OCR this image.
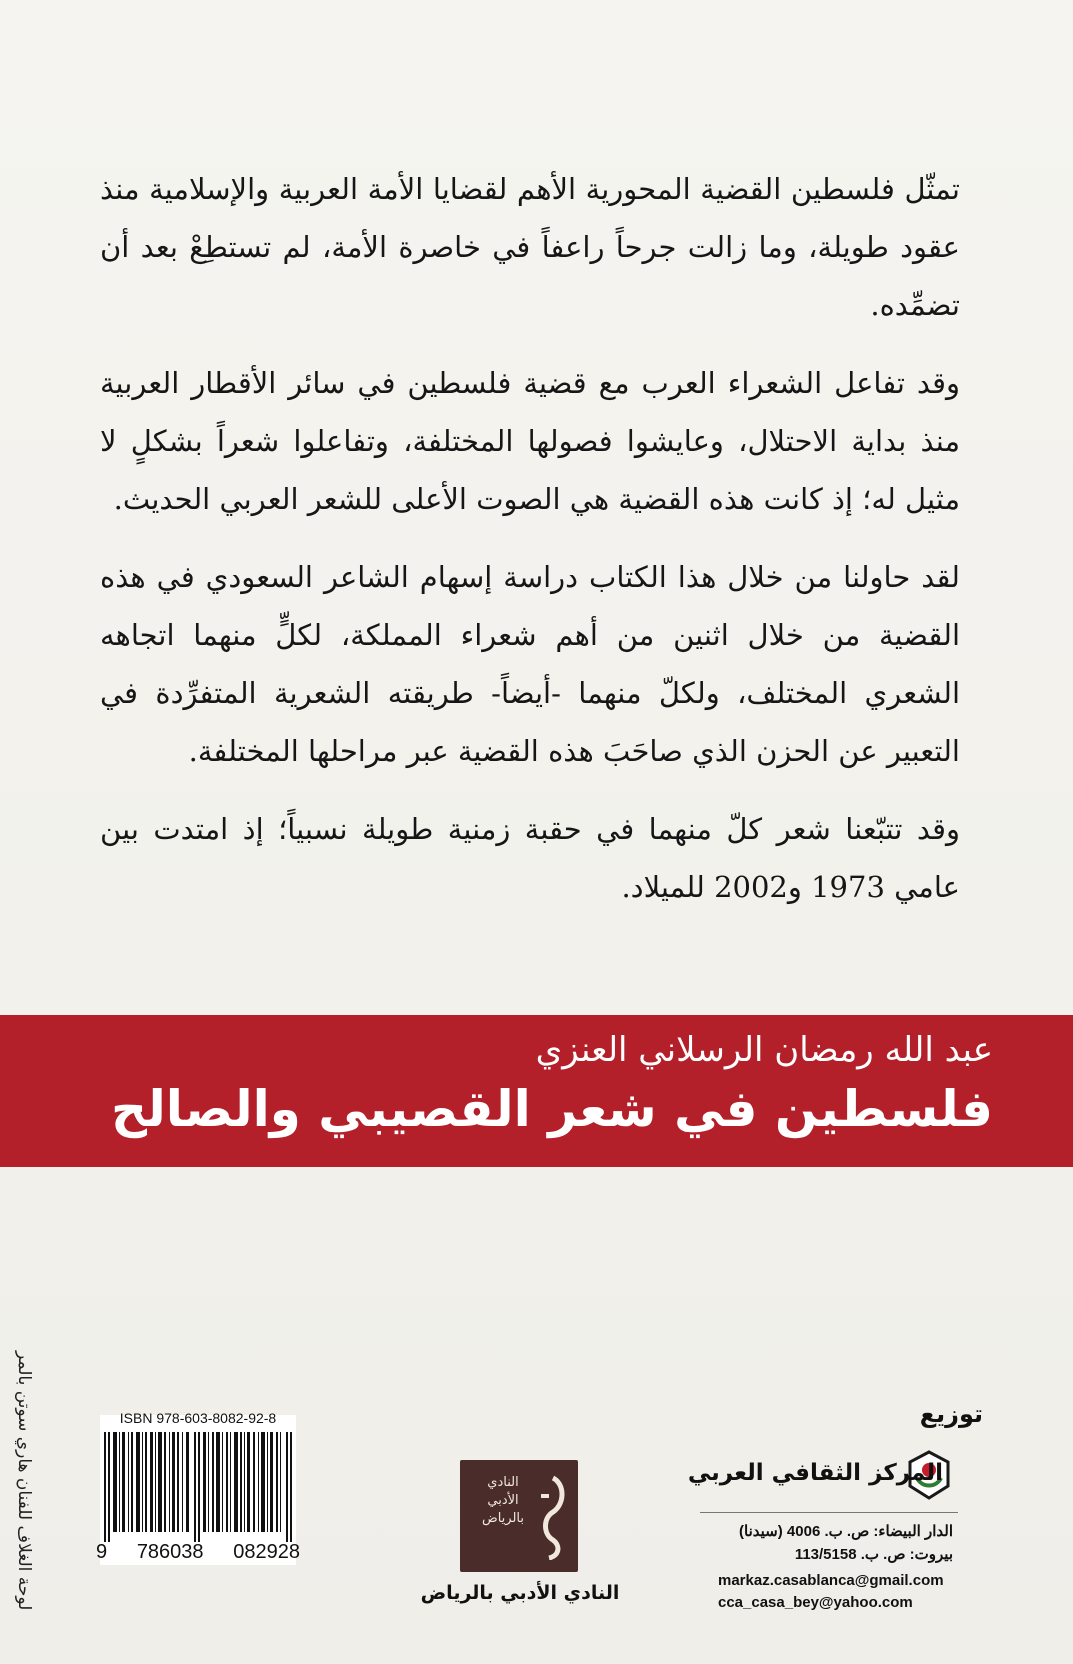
تمثّل فلسطين القضية المحورية الأهم لقضايا الأمة العربية والإسلامية منذ عقود طويلة، وما زالت جرحاً راعفاً في خاصرة الأمة، لم تستطِعْ بعد أن تضمِّده.

وقد تفاعل الشعراء العرب مع قضية فلسطين في سائر الأقطار العربية منذ بداية الاحتلال، وعايشوا فصولها المختلفة، وتفاعلوا شعراً بشكلٍ لا مثيل له؛ إذ كانت هذه القضية هي الصوت الأعلى للشعر العربي الحديث.

لقد حاولنا من خلال هذا الكتاب دراسة إسهام الشاعر السعودي في هذه القضية من خلال اثنين من أهم شعراء المملكة، لكلٍّ منهما اتجاهه الشعري المختلف، ولكلّ منهما -أيضاً- طريقته الشعرية المتفرِّدة في التعبير عن الحزن الذي صاحَبَ هذه القضية عبر مراحلها المختلفة.

وقد تتبّعنا شعر كلّ منهما في حقبة زمنية طويلة نسبياً؛ إذ امتدت بين عامي 1973 و2002 للميلاد.

عبد الله رمضان الرسلاني العنزي
فلسطين في شعر القصيبي والصالح
لوحة الغلاف للفنان هاري سوتن بالمر	ISBN 978-603-8082-92-8
9 786038 082928
النادي الأدبي بالرياض
النادي الأدبي بالرياض
توزيع
المركز الثقافي العربي
الدار البيضاء: ص. ب. 4006 (سيدنا)
بيروت: ص. ب. 113/5158
markaz.casablanca@gmail.com
cca_casa_bey@yahoo.com
